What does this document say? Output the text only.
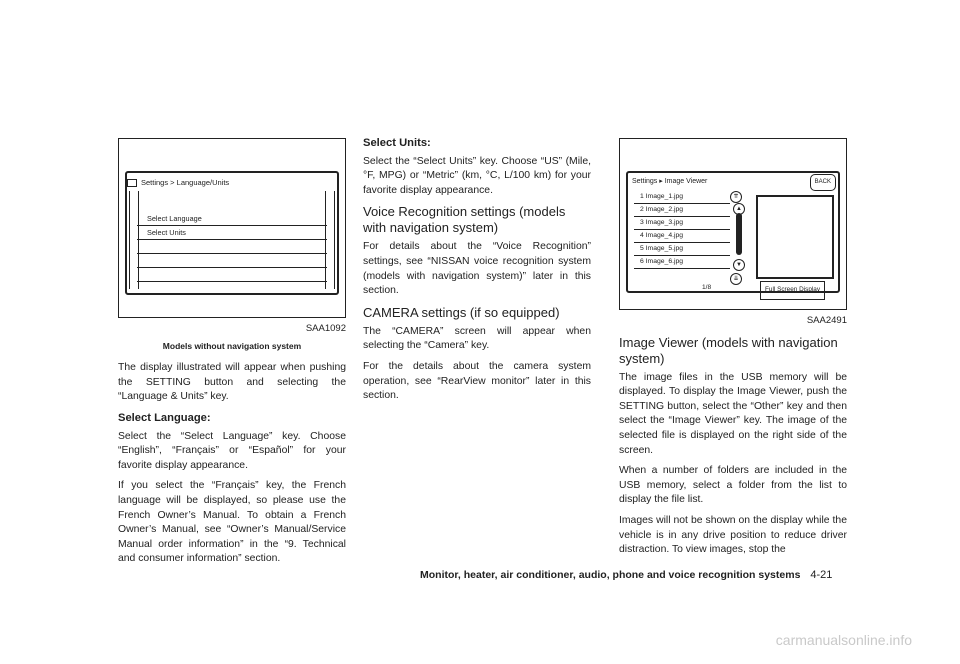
Settings > Language/Units
Select Language
Select Units
SAA1092
Models without navigation system

The display illustrated will appear when pushing the SETTING button and selecting the “Language & Units” key.

Select Language:

Select the “Select Language” key. Choose “English”, “Français” or “Español” for your favorite display appearance.

If you select the “Français” key, the French language will be displayed, so please use the French Owner’s Manual. To obtain a French Owner’s Manual, see “Owner’s Manual/Service Manual order information” in the “9. Technical and consumer information” section.

Select Units:

Select the “Select Units” key. Choose “US” (Mile, °F, MPG) or “Metric” (km, °C, L/100 km) for your favorite display appearance.

Voice Recognition settings (models with navigation system)

For details about the “Voice Recognition” settings, see “NISSAN voice recognition system (models with navigation system)” later in this section.

CAMERA settings (if so equipped)

The “CAMERA” screen will appear when selecting the “Camera” key.

For the details about the camera system operation, see “RearView monitor” later in this section.

Settings ▸ Image Viewer	BACK
1 Image_1.jpg
2 Image_2.jpg
3 Image_3.jpg
4 Image_4.jpg
5 Image_5.jpg
6 Image_6.jpg
1/8
⇈
▲
▼
⇊
Full Screen Display
SAA2491
Image Viewer (models with navigation system)

The image files in the USB memory will be displayed. To display the Image Viewer, push the SETTING button, select the “Other” key and then select the “Image Viewer” key. The image of the selected file is displayed on the right side of the screen.

When a number of folders are included in the USB memory, select a folder from the list to display the file list.

Images will not be shown on the display while the vehicle is in any drive position to reduce driver distraction. To view images, stop the

Monitor, heater, air conditioner, audio, phone and voice recognition systems 4-21
carmanualsonline.info
